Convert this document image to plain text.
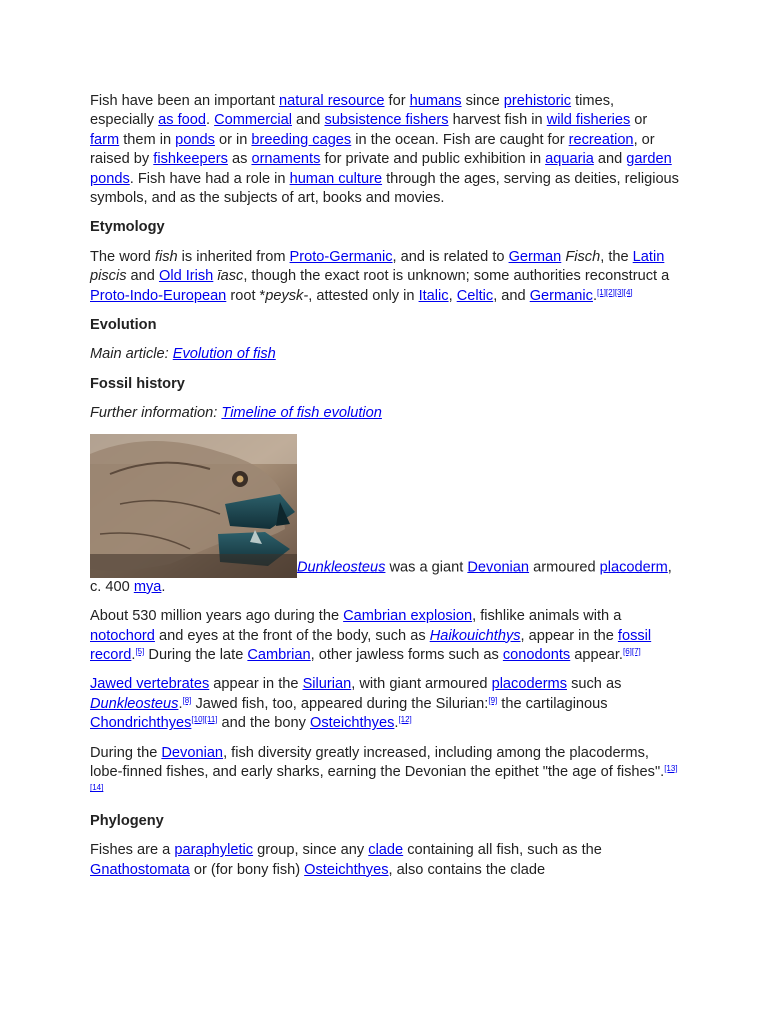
Fish have been an important natural resource for humans since prehistoric times, especially as food. Commercial and subsistence fishers harvest fish in wild fisheries or farm them in ponds or in breeding cages in the ocean. Fish are caught for recreation, or raised by fishkeepers as ornaments for private and public exhibition in aquaria and garden ponds. Fish have had a role in human culture through the ages, serving as deities, religious symbols, and as the subjects of art, books and movies.

Etymology

The word fish is inherited from Proto-Germanic, and is related to German Fisch, the Latin piscis and Old Irish īasc, though the exact root is unknown; some authorities reconstruct a Proto-Indo-European root *peysk-, attested only in Italic, Celtic, and Germanic.[1][2][3][4]

Evolution

Main article: Evolution of fish

Fossil history

Further information: Timeline of fish evolution

Dunkleosteus was a giant Devonian armoured placoderm, c. 400 mya.

About 530 million years ago during the Cambrian explosion, fishlike animals with a notochord and eyes at the front of the body, such as Haikouichthys, appear in the fossil record.[5] During the late Cambrian, other jawless forms such as conodonts appear.[6][7]

Jawed vertebrates appear in the Silurian, with giant armoured placoderms such as Dunkleosteus.[8] Jawed fish, too, appeared during the Silurian:[9] the cartilaginous Chondrichthyes[10][11] and the bony Osteichthyes.[12]

During the Devonian, fish diversity greatly increased, including among the placoderms, lobe-finned fishes, and early sharks, earning the Devonian the epithet "the age of fishes".[13][14]

Phylogeny

Fishes are a paraphyletic group, since any clade containing all fish, such as the Gnathostomata or (for bony fish) Osteichthyes, also contains the clade
